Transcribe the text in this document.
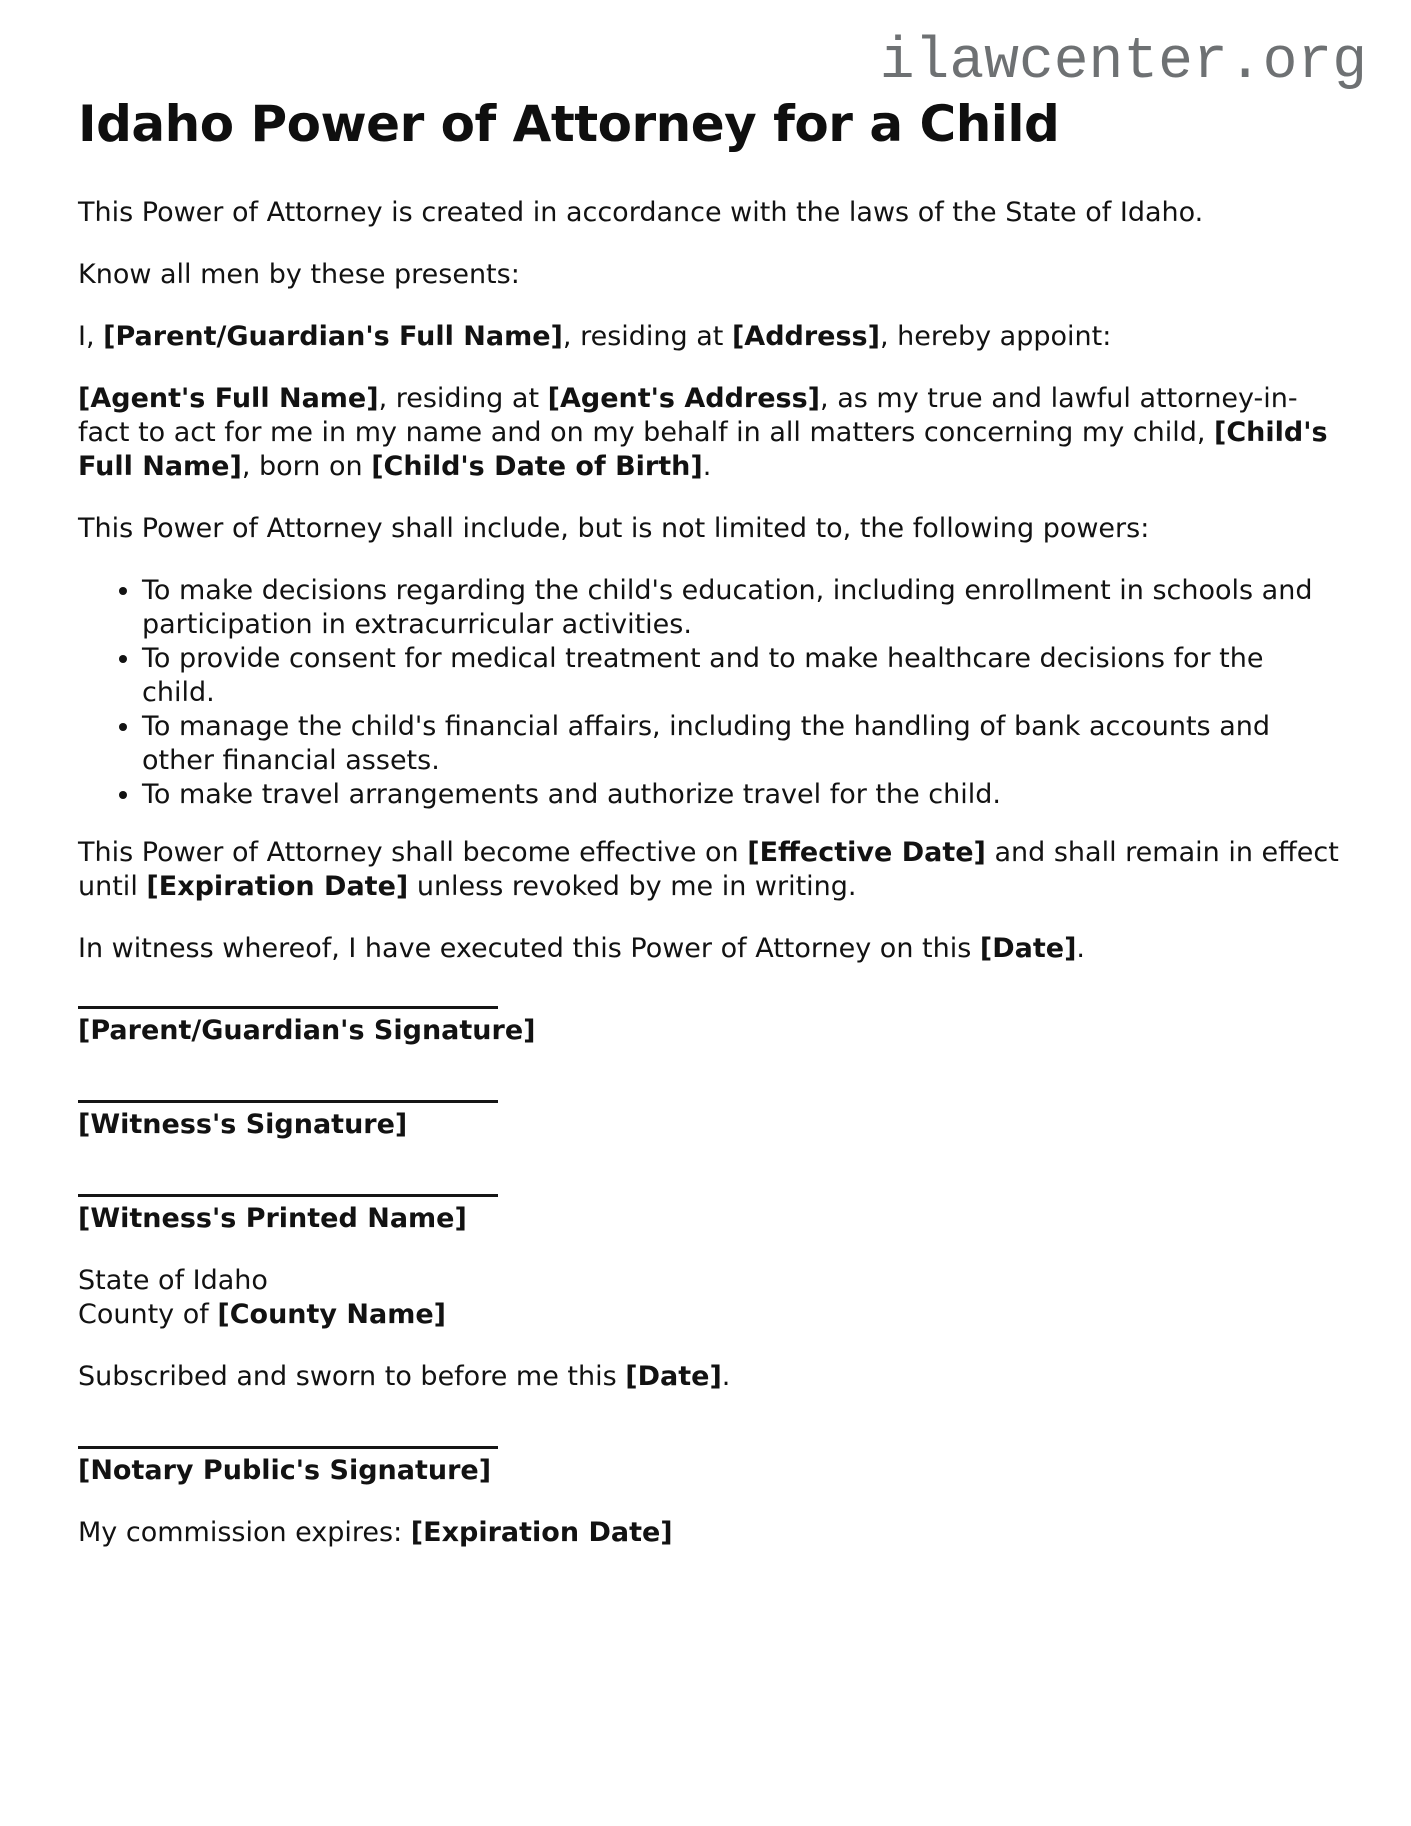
ilawcenter.org
Idaho Power of Attorney for a Child

This Power of Attorney is created in accordance with the laws of the State of Idaho.

Know all men by these presents:

I, [Parent/Guardian's Full Name], residing at [Address], hereby appoint:

[Agent's Full Name], residing at [Agent's Address], as my true and lawful attorney-in-fact to act for me in my name and on my behalf in all matters concerning my child, [Child's Full Name], born on [Child's Date of Birth].

This Power of Attorney shall include, but is not limited to, the following powers:

• To make decisions regarding the child's education, including enrollment in schools and participation in extracurricular activities.
• To provide consent for medical treatment and to make healthcare decisions for the child.
• To manage the child's financial affairs, including the handling of bank accounts and other financial assets.
• To make travel arrangements and authorize travel for the child.

This Power of Attorney shall become effective on [Effective Date] and shall remain in effect until [Expiration Date] unless revoked by me in writing.

In witness whereof, I have executed this Power of Attorney on this [Date].

[Parent/Guardian's Signature]
[Witness's Signature]
[Witness's Printed Name]

State of Idaho
County of [County Name]

Subscribed and sworn to before me this [Date].

[Notary Public's Signature]

My commission expires: [Expiration Date]
